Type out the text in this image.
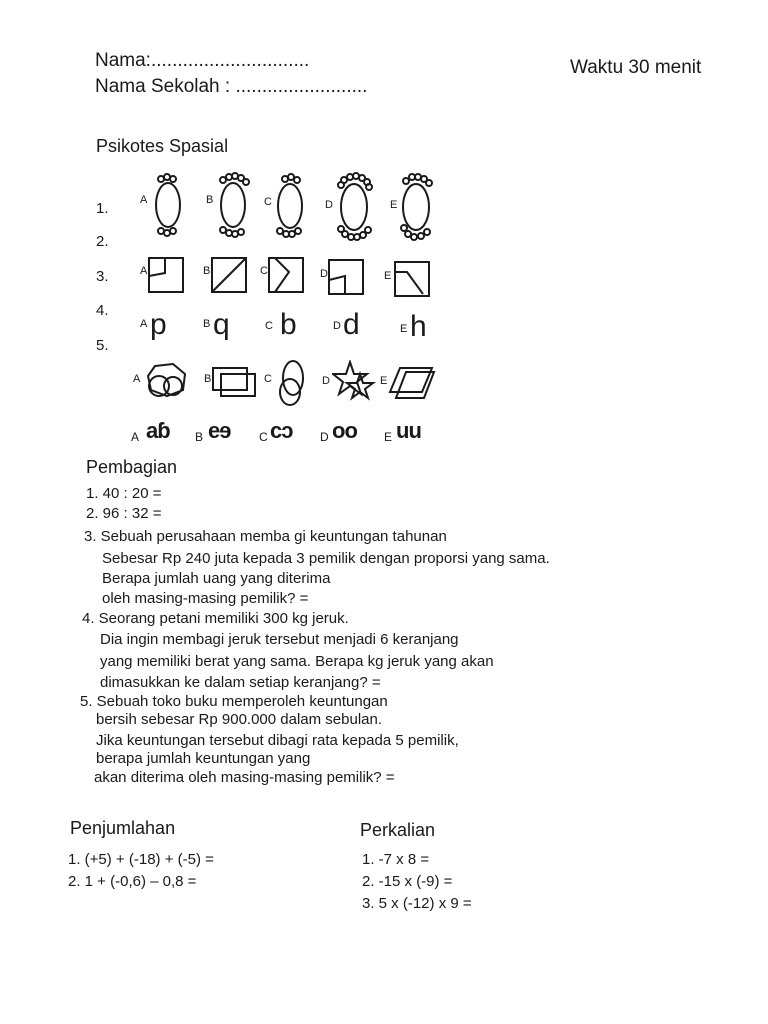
Nama:..............................
Nama Sekolah : .........................
Waktu 30 menit
Psikotes Spasial
1.
2.
3.
4.
5.
A	B	C	D	E
A	B	C	D	E
A	B	C	D	E
p q b d h
A	B	C	D	E
A	B	C	D	E
aɓ eɘ cɔ oo uu
Pembagian
1. 40 : 20 =
2. 96 : 32 =
3. Sebuah perusahaan memba gi keuntungan tahunan
Sebesar Rp 240 juta kepada 3 pemilik dengan proporsi yang sama.
Berapa jumlah uang yang diterima
oleh masing-masing pemilik? =
4. Seorang petani memiliki 300 kg jeruk.
Dia ingin membagi jeruk tersebut menjadi 6 keranjang
yang memiliki berat yang sama. Berapa kg jeruk yang akan
dimasukkan ke dalam setiap keranjang? =
5. Sebuah toko buku memperoleh keuntungan
bersih sebesar Rp 900.000 dalam sebulan.
Jika keuntungan tersebut dibagi rata kepada 5 pemilik,
berapa jumlah keuntungan yang
akan diterima oleh masing-masing pemilik? =
Penjumlahan
1. (+5) + (-18) + (-5) =
2. 1 + (-0,6) – 0,8 =
Perkalian
1. -7 x 8 =
2. -15 x (-9) =
3. 5 x (-12) x 9 =
